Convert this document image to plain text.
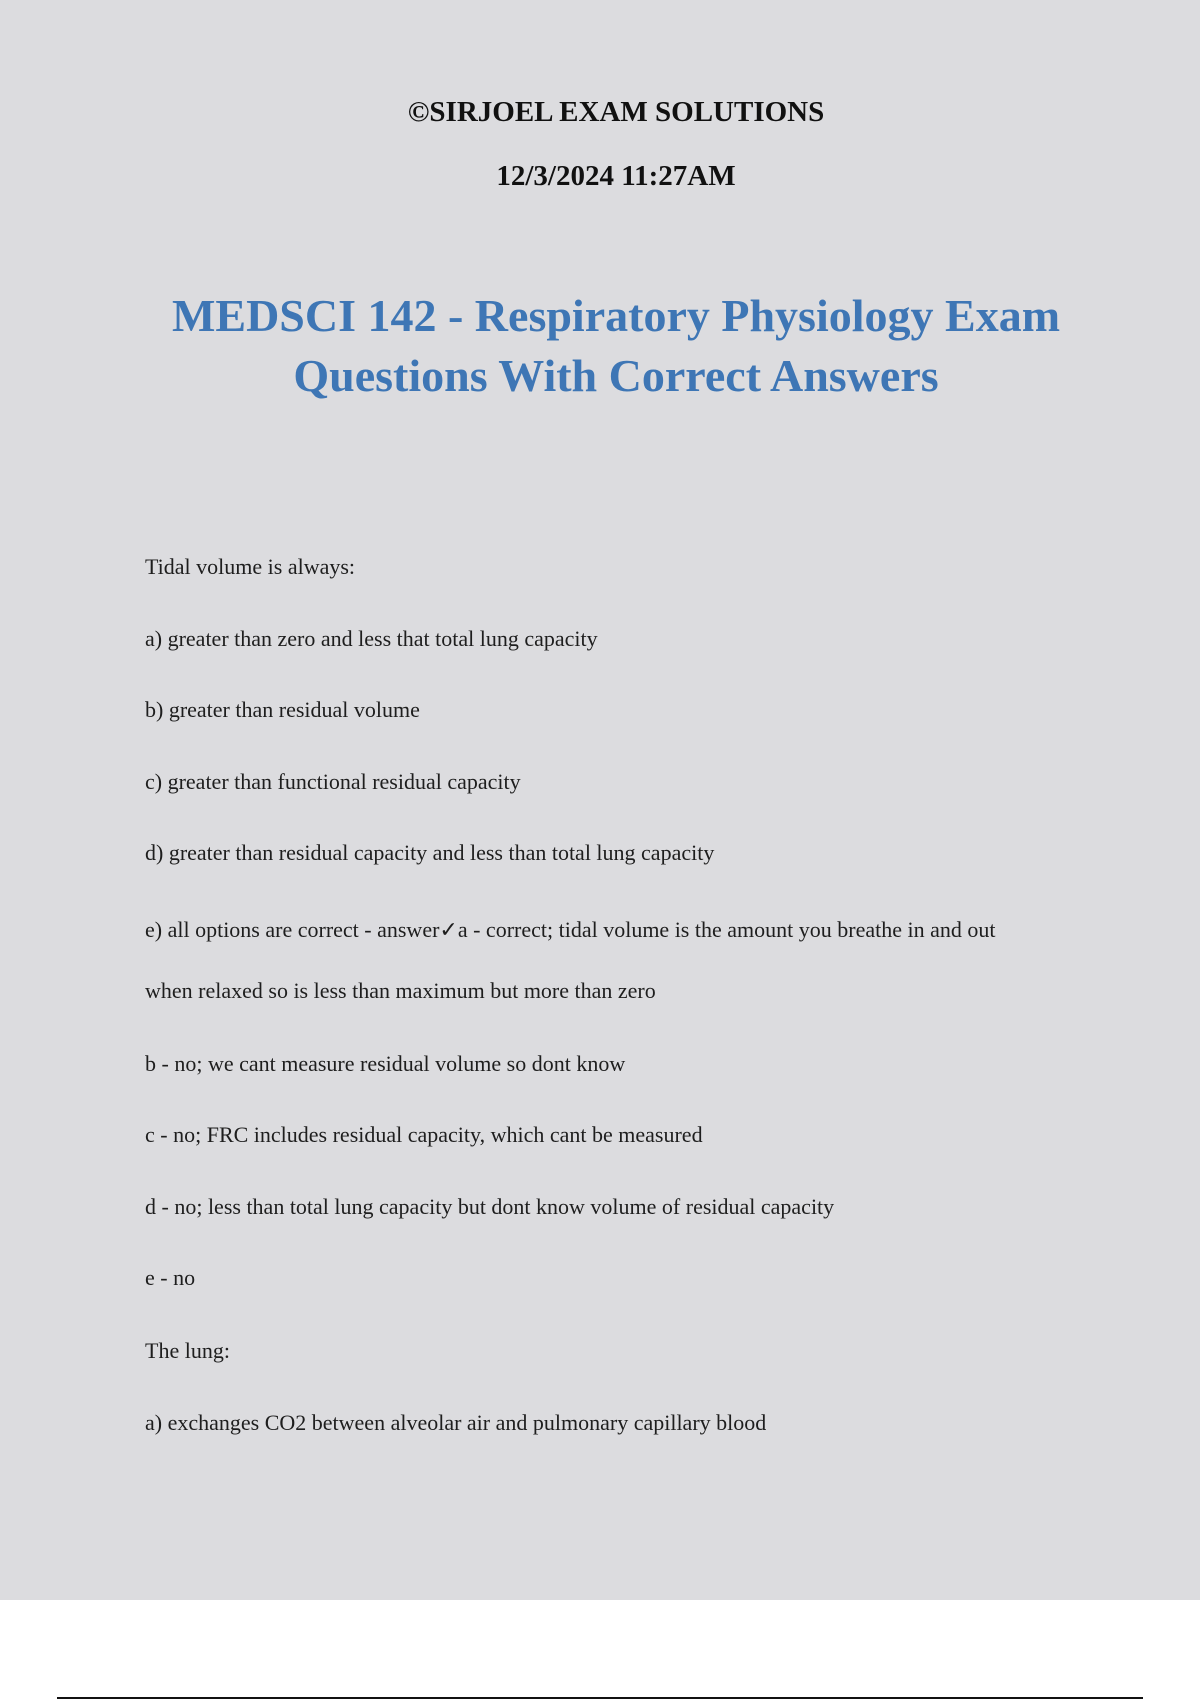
©SIRJOEL EXAM SOLUTIONS
12/3/2024 11:27AM
MEDSCI 142 - Respiratory Physiology Exam
Questions With Correct Answers
Tidal volume is always:
a) greater than zero and less that total lung capacity
b) greater than residual volume
c) greater than functional residual capacity
d) greater than residual capacity and less than total lung capacity
e) all options are correct - answer✓a - correct; tidal volume is the amount you breathe in and out
when relaxed so is less than maximum but more than zero
b - no; we cant measure residual volume so dont know
c - no; FRC includes residual capacity, which cant be measured
d - no; less than total lung capacity but dont know volume of residual capacity
e - no
The lung:
a) exchanges CO2 between alveolar air and pulmonary capillary blood
